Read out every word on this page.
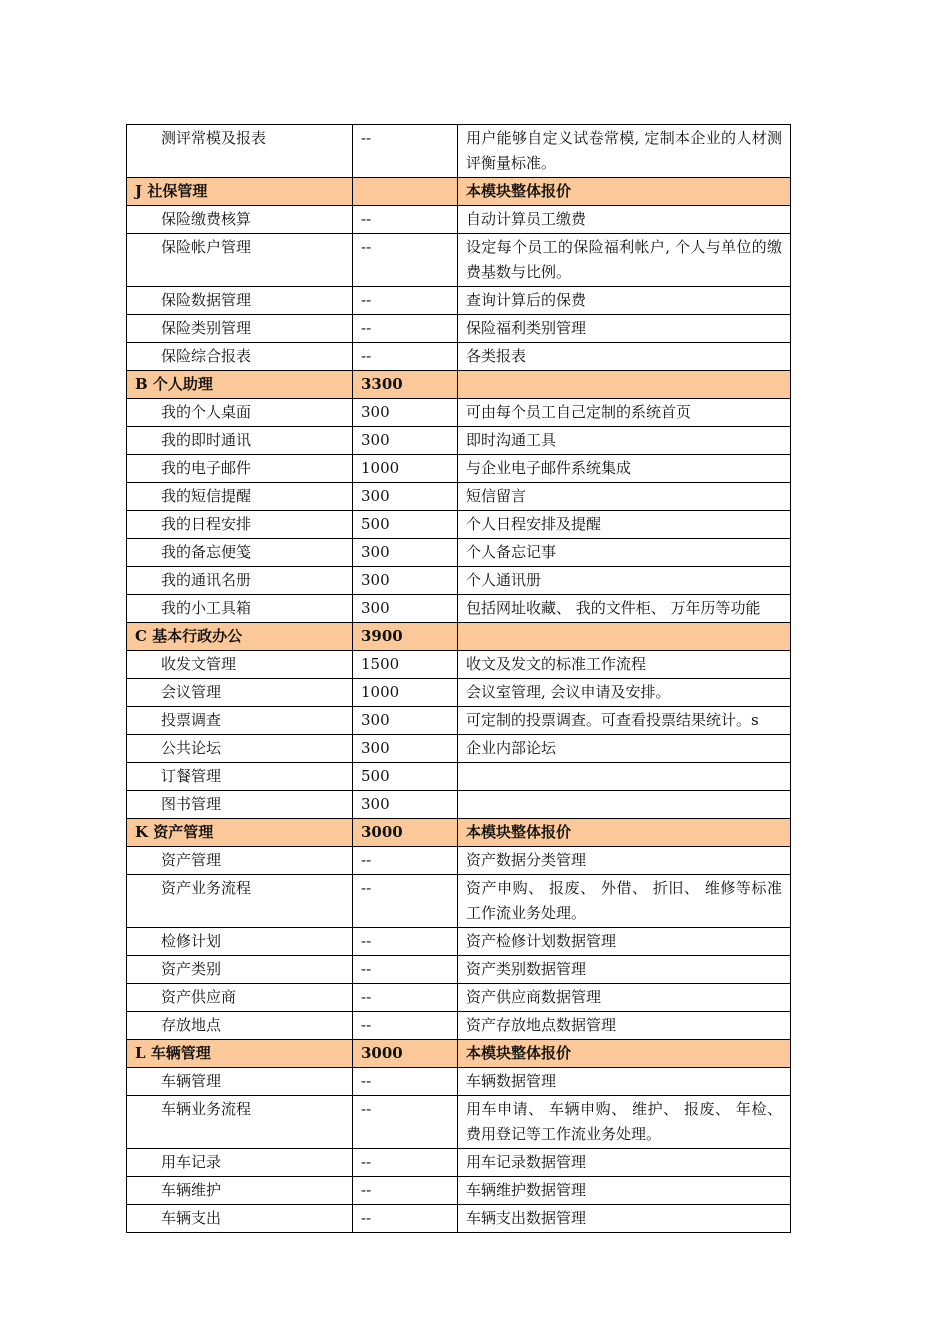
测评常模及报表	--	用户能够自定义试卷常模, 定制本企业的人材测评衡量标准。
J 社保管理		本模块整体报价
保险缴费核算	--	自动计算员工缴费
保险帐户管理	--	设定每个员工的保险福利帐户, 个人与单位的缴费基数与比例。
保险数据管理	--	查询计算后的保费
保险类别管理	--	保险福利类别管理
保险综合报表	--	各类报表
B 个人助理	3300	
我的个人桌面	300	可由每个员工自己定制的系统首页
我的即时通讯	300	即时沟通工具
我的电子邮件	1000	与企业电子邮件系统集成
我的短信提醒	300	短信留言
我的日程安排	500	个人日程安排及提醒
我的备忘便笺	300	个人备忘记事
我的通讯名册	300	个人通讯册
我的小工具箱	300	包括网址收藏、 我的文件柜、 万年历等功能
C 基本行政办公	3900	
收发文管理	1500	收文及发文的标准工作流程
会议管理	1000	会议室管理, 会议申请及安排。
投票调查	300	可定制的投票调查。可查看投票结果统计。s
公共论坛	300	企业内部论坛
订餐管理	500	
图书管理	300	
K 资产管理	3000	本模块整体报价
资产管理	--	资产数据分类管理
资产业务流程	--	资产申购、 报废、 外借、 折旧、 维修等标准工作流业务处理。
检修计划	--	资产检修计划数据管理
资产类别	--	资产类别数据管理
资产供应商	--	资产供应商数据管理
存放地点	--	资产存放地点数据管理
L 车辆管理	3000	本模块整体报价
车辆管理	--	车辆数据管理
车辆业务流程	--	用车申请、 车辆申购、 维护、 报废、 年检、 费用登记等工作流业务处理。
用车记录	--	用车记录数据管理
车辆维护	--	车辆维护数据管理
车辆支出	--	车辆支出数据管理
